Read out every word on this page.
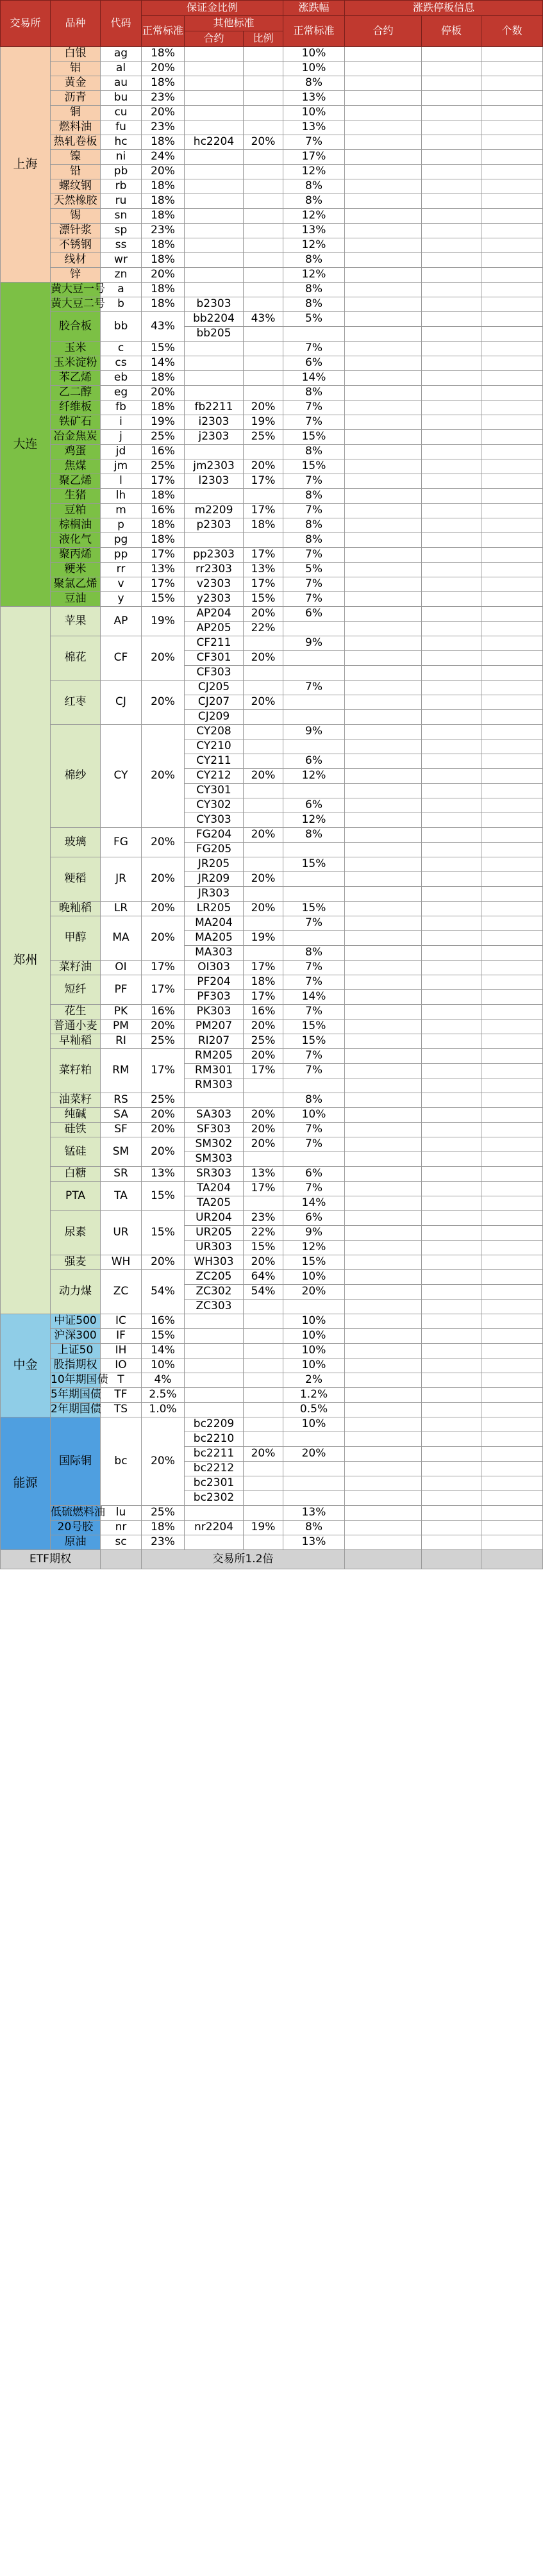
交易所	品种	代码	保证金比例			涨跌幅	涨跌停板信息		
			正常标准	其他标准		正常标准	合约	停板	个数
				合约	比例				
上海	白银	ag	18%			10%			
	铝	al	20%			10%			
	黄金	au	18%			8%			
	沥青	bu	23%			13%			
	铜	cu	20%			10%			
	燃料油	fu	23%			13%			
	热轧卷板	hc	18%	hc2204	20%	7%			
	镍	ni	24%			17%			
	铅	pb	20%			12%			
	螺纹钢	rb	18%			8%			
	天然橡胶	ru	18%			8%			
	锡	sn	18%			12%			
	漂针浆	sp	23%			13%			
	不锈钢	ss	18%			12%			
	线材	wr	18%			8%			
	锌	zn	20%			12%			
大连	黄大豆一号	a	18%			8%			
	黄大豆二号	b	18%	b2303		8%			
	胶合板	bb	43%	bb2204	43%	5%			
				bb205					
	玉米	c	15%			7%			
	玉米淀粉	cs	14%			6%			
	苯乙烯	eb	18%			14%			
	乙二醇	eg	20%			8%			
	纤维板	fb	18%	fb2211	20%	7%			
	铁矿石	i	19%	i2303	19%	7%			
	冶金焦炭	j	25%	j2303	25%	15%			
	鸡蛋	jd	16%			8%			
	焦煤	jm	25%	jm2303	20%	15%			
	聚乙烯	l	17%	l2303	17%	7%			
	生猪	lh	18%			8%			
	豆粕	m	16%	m2209	17%	7%			
	棕榈油	p	18%	p2303	18%	8%			
	液化气	pg	18%			8%			
	聚丙烯	pp	17%	pp2303	17%	7%			
	粳米	rr	13%	rr2303	13%	5%			
	聚氯乙烯	v	17%	v2303	17%	7%			
	豆油	y	15%	y2303	15%	7%			
郑州	苹果	AP	19%	AP204	20%	6%			
				AP205	22%				
	棉花	CF	20%	CF211		9%			
				CF301	20%				
				CF303					
	红枣	CJ	20%	CJ205		7%			
				CJ207	20%				
				CJ209					
	棉纱	CY	20%	CY208		9%			
				CY210					
				CY211		6%			
				CY212	20%	12%			
				CY301					
				CY302		6%			
				CY303		12%			
	玻璃	FG	20%	FG204	20%	8%			
				FG205					
	粳稻	JR	20%	JR205		15%			
				JR209	20%				
				JR303					
	晚籼稻	LR	20%	LR205	20%	15%			
	甲醇	MA	20%	MA204		7%			
				MA205	19%				
				MA303		8%			
	菜籽油	OI	17%	OI303	17%	7%			
	短纤	PF	17%	PF204	18%	7%			
				PF303	17%	14%			
	花生	PK	16%	PK303	16%	7%			
	普通小麦	PM	20%	PM207	20%	15%			
	早籼稻	RI	25%	RI207	25%	15%			
	菜籽粕	RM	17%	RM205	20%	7%			
				RM301	17%	7%			
				RM303					
	油菜籽	RS	25%			8%			
	纯碱	SA	20%	SA303	20%	10%			
	硅铁	SF	20%	SF303	20%	7%			
	锰硅	SM	20%	SM302	20%	7%			
				SM303					
	白糖	SR	13%	SR303	13%	6%			
	PTA	TA	15%	TA204	17%	7%			
				TA205		14%			
	尿素	UR	15%	UR204	23%	6%			
				UR205	22%	9%			
				UR303	15%	12%			
	强麦	WH	20%	WH303	20%	15%			
	动力煤	ZC	54%	ZC205	64%	10%			
				ZC302	54%	20%			
				ZC303					
中金	中证500	IC	16%			10%			
	沪深300	IF	15%			10%			
	上证50	IH	14%			10%			
	股指期权	IO	10%			10%			
	10年期国债	T	4%			2%			
	5年期国债	TF	2.5%			1.2%			
	2年期国债	TS	1.0%			0.5%			
能源	国际铜	bc	20%	bc2209		10%			
				bc2210					
				bc2211	20%	20%			
				bc2212					
				bc2301					
				bc2302					
	低硫燃料油	lu	25%			13%			
	20号胶	nr	18%	nr2204	19%	8%			
	原油	sc	23%			13%			
ETF期权			交易所1.2倍						
